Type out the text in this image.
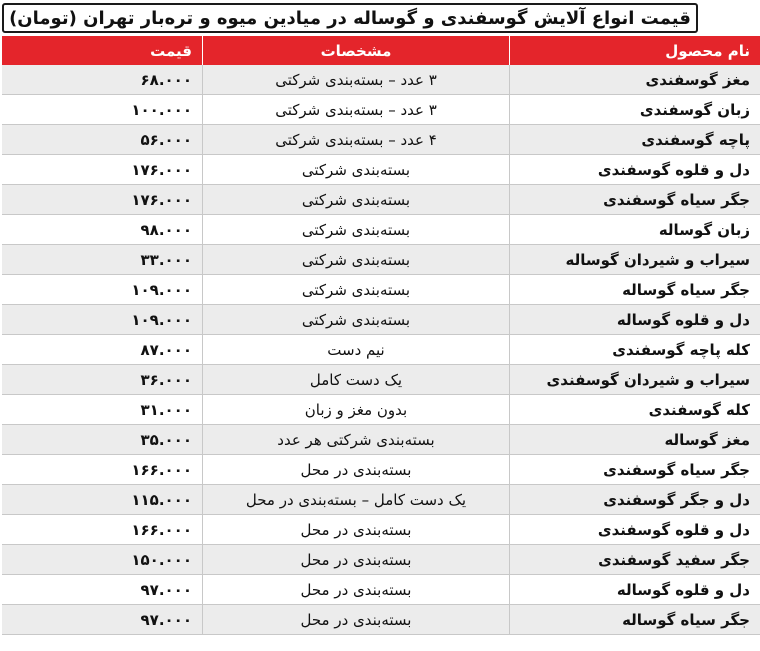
قیمت انواع آلایش گوسفندی و گوساله در میادین میوه و تره‌بار تهران (تومان)
نام محصول	مشخصات	قیمت
مغز گوسفندی	۳ عدد – بسته‌بندی شرکتی	۶۸.۰۰۰
زبان گوسفندی	۳ عدد – بسته‌بندی شرکتی	۱۰۰.۰۰۰
پاچه گوسفندی	۴ عدد – بسته‌بندی شرکتی	۵۶.۰۰۰
دل و قلوه گوسفندی	بسته‌بندی شرکتی	۱۷۶.۰۰۰
جگر سیاه گوسفندی	بسته‌بندی شرکتی	۱۷۶.۰۰۰
زبان گوساله	بسته‌بندی شرکتی	۹۸.۰۰۰
سیراب و شیردان گوساله	بسته‌بندی شرکتی	۳۳.۰۰۰
جگر سیاه گوساله	بسته‌بندی شرکتی	۱۰۹.۰۰۰
دل و قلوه گوساله	بسته‌بندی شرکتی	۱۰۹.۰۰۰
کله پاچه گوسفندی	نیم دست	۸۷.۰۰۰
سیراب و شیردان گوسفندی	یک دست کامل	۳۶.۰۰۰
کله گوسفندی	بدون مغز و زبان	۳۱.۰۰۰
مغز گوساله	بسته‌بندی شرکتی هر عدد	۳۵.۰۰۰
جگر سیاه گوسفندی	بسته‌بندی در محل	۱۶۶.۰۰۰
دل و جگر گوسفندی	یک دست کامل – بسته‌بندی در محل	۱۱۵.۰۰۰
دل و قلوه گوسفندی	بسته‌بندی در محل	۱۶۶.۰۰۰
جگر سفید گوسفندی	بسته‌بندی در محل	۱۵۰.۰۰۰
دل و قلوه گوساله	بسته‌بندی در محل	۹۷.۰۰۰
جگر سیاه گوساله	بسته‌بندی در محل	۹۷.۰۰۰
